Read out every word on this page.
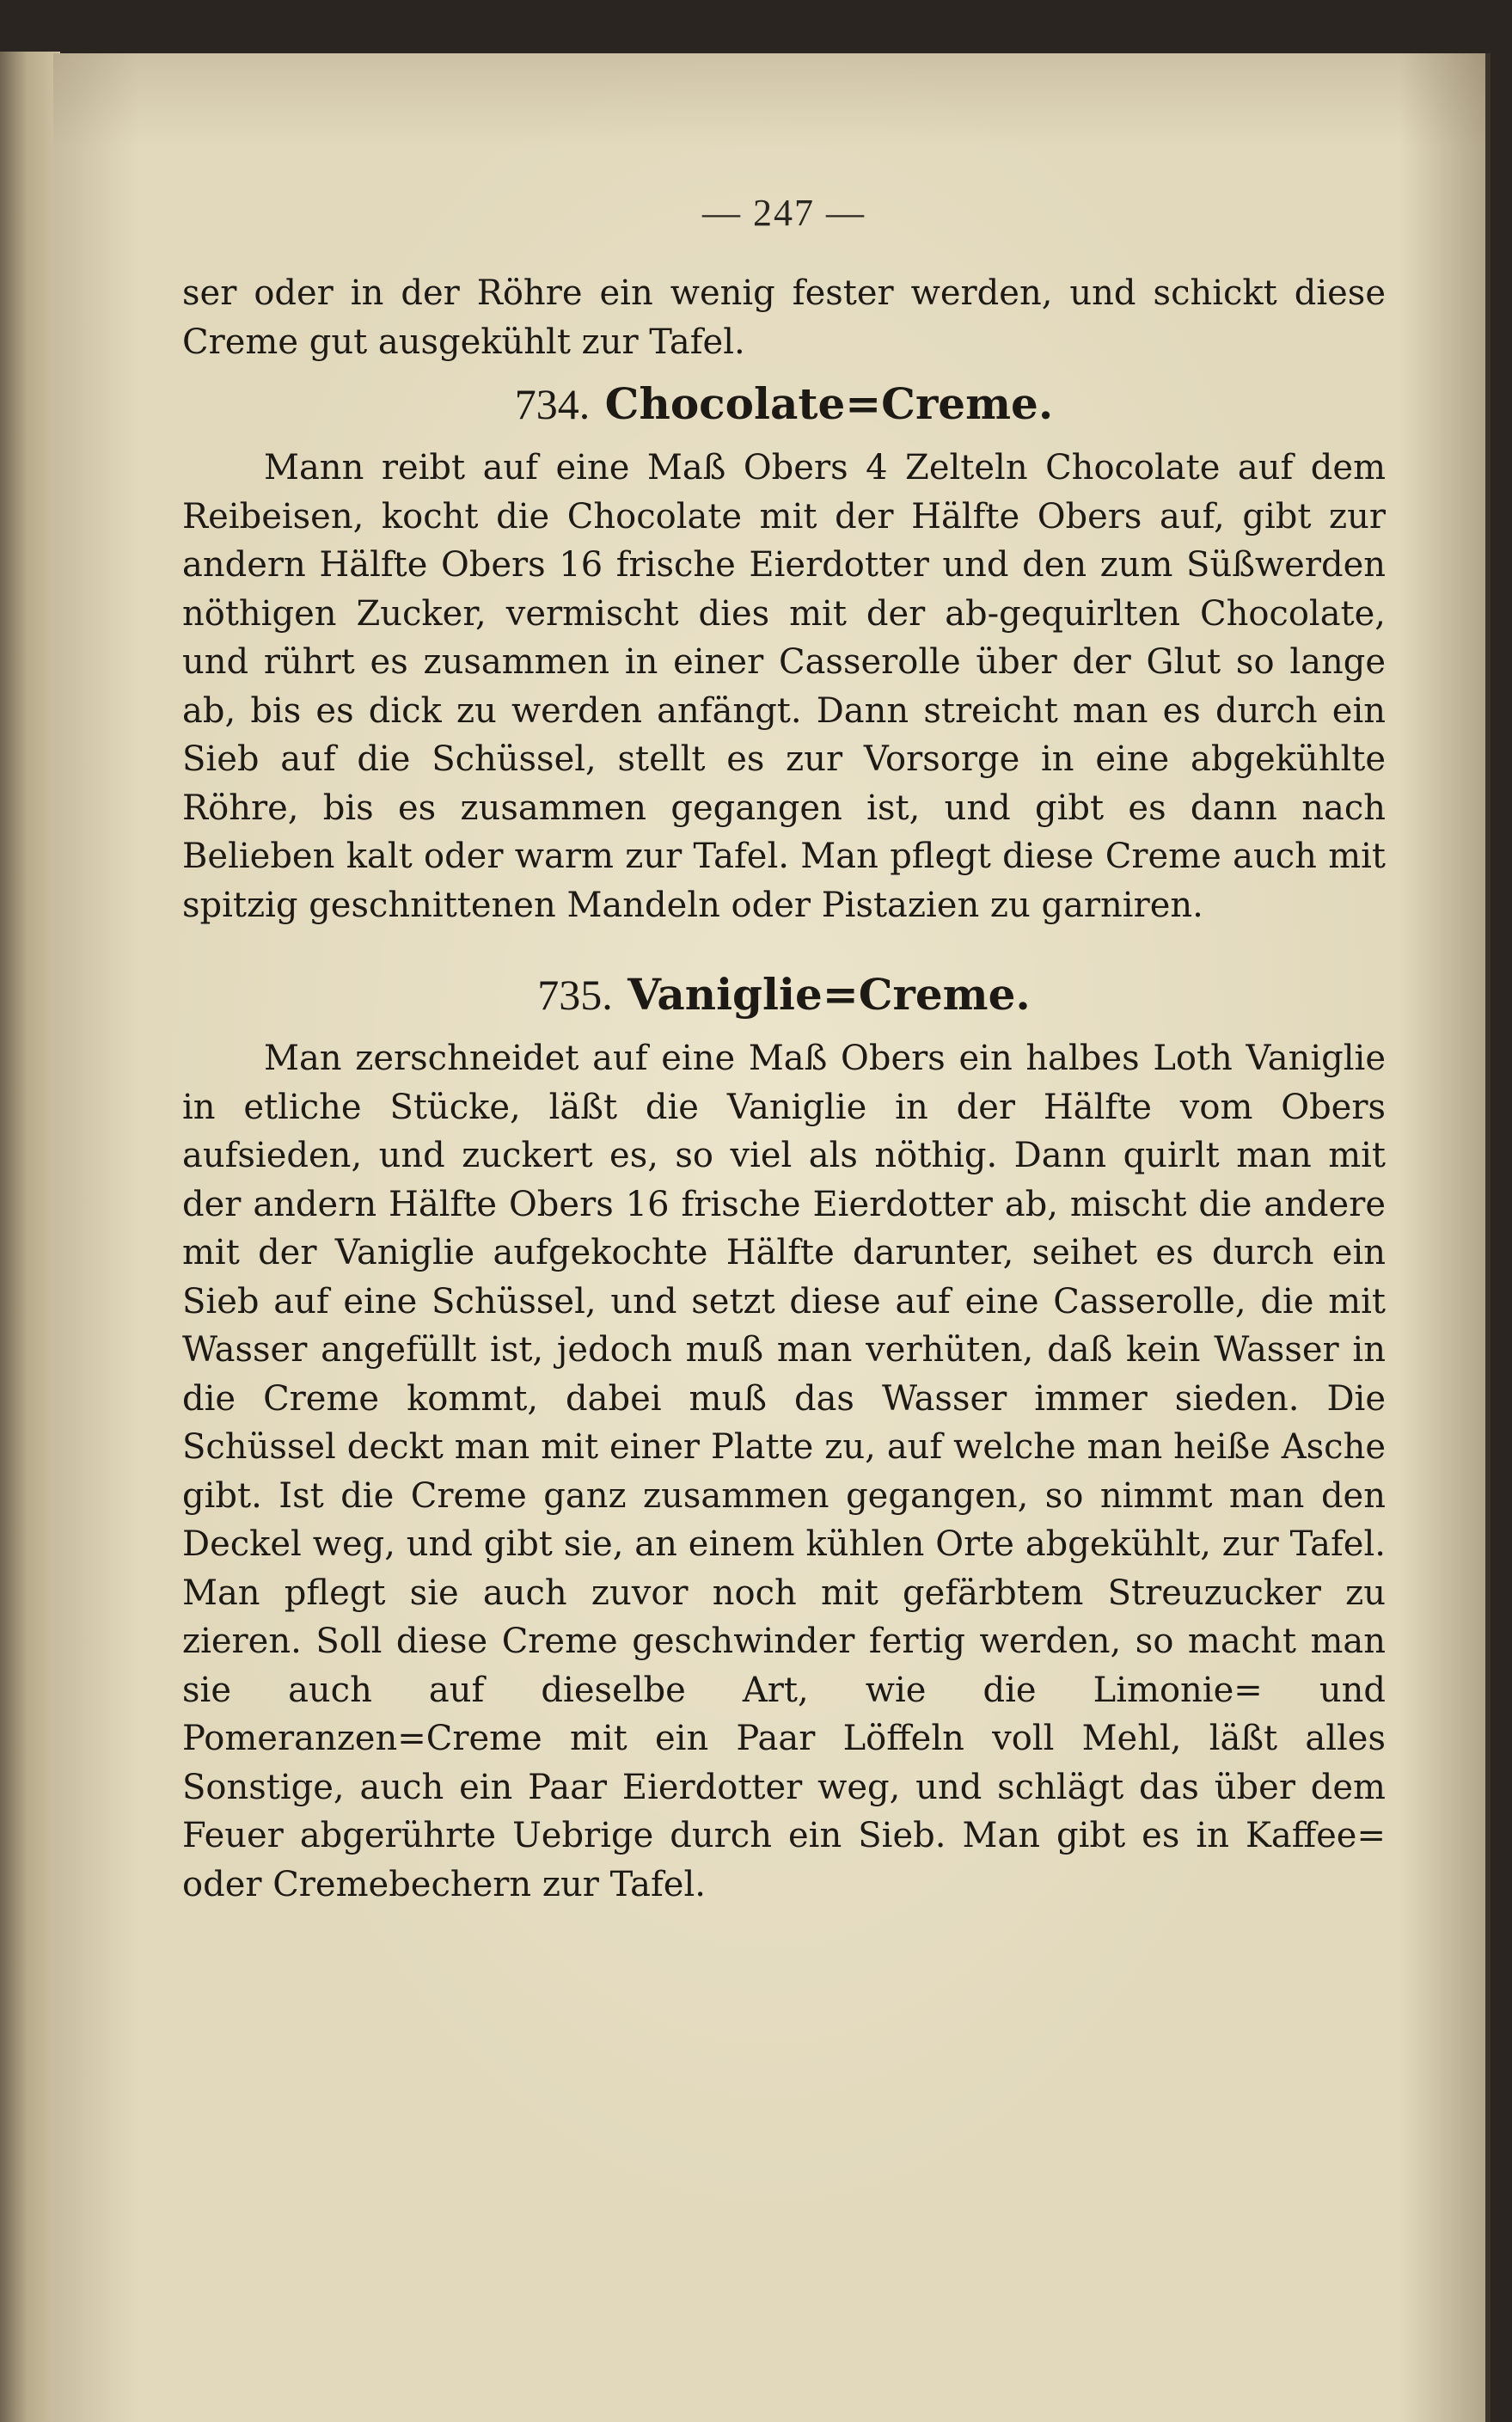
— 247 —

ser oder in der Röhre ein wenig fester werden, und schickt diese Creme gut ausgekühlt zur Tafel.

734. Chocolate=Creme.

Mann reibt auf eine Maß Obers 4 Zelteln Chocolate auf dem Reibeisen, kocht die Chocolate mit der Hälfte Obers auf, gibt zur andern Hälfte Obers 16 frische Eierdotter und den zum Süßwerden nöthigen Zucker, vermischt dies mit der ab-gequirlten Chocolate, und rührt es zusammen in einer Casserolle über der Glut so lange ab, bis es dick zu werden anfängt. Dann streicht man es durch ein Sieb auf die Schüssel, stellt es zur Vorsorge in eine abgekühlte Röhre, bis es zusammen gegangen ist, und gibt es dann nach Belieben kalt oder warm zur Tafel. Man pflegt diese Creme auch mit spitzig geschnittenen Mandeln oder Pistazien zu garniren.

735. Vaniglie=Creme.

Man zerschneidet auf eine Maß Obers ein halbes Loth Vaniglie in etliche Stücke, läßt die Vaniglie in der Hälfte vom Obers aufsieden, und zuckert es, so viel als nöthig. Dann quirlt man mit der andern Hälfte Obers 16 frische Eierdotter ab, mischt die andere mit der Vaniglie aufgekochte Hälfte darunter, seihet es durch ein Sieb auf eine Schüssel, und setzt diese auf eine Casserolle, die mit Wasser angefüllt ist, jedoch muß man verhüten, daß kein Wasser in die Creme kommt, dabei muß das Wasser immer sieden. Die Schüssel deckt man mit einer Platte zu, auf welche man heiße Asche gibt. Ist die Creme ganz zusammen gegangen, so nimmt man den Deckel weg, und gibt sie, an einem kühlen Orte abgekühlt, zur Tafel. Man pflegt sie auch zuvor noch mit gefärbtem Streuzucker zu zieren. Soll diese Creme geschwinder fertig werden, so macht man sie auch auf dieselbe Art, wie die Limonie= und Pomeranzen=Creme mit ein Paar Löffeln voll Mehl, läßt alles Sonstige, auch ein Paar Eierdotter weg, und schlägt das über dem Feuer abgerührte Uebrige durch ein Sieb. Man gibt es in Kaffee= oder Cremebechern zur Tafel.
